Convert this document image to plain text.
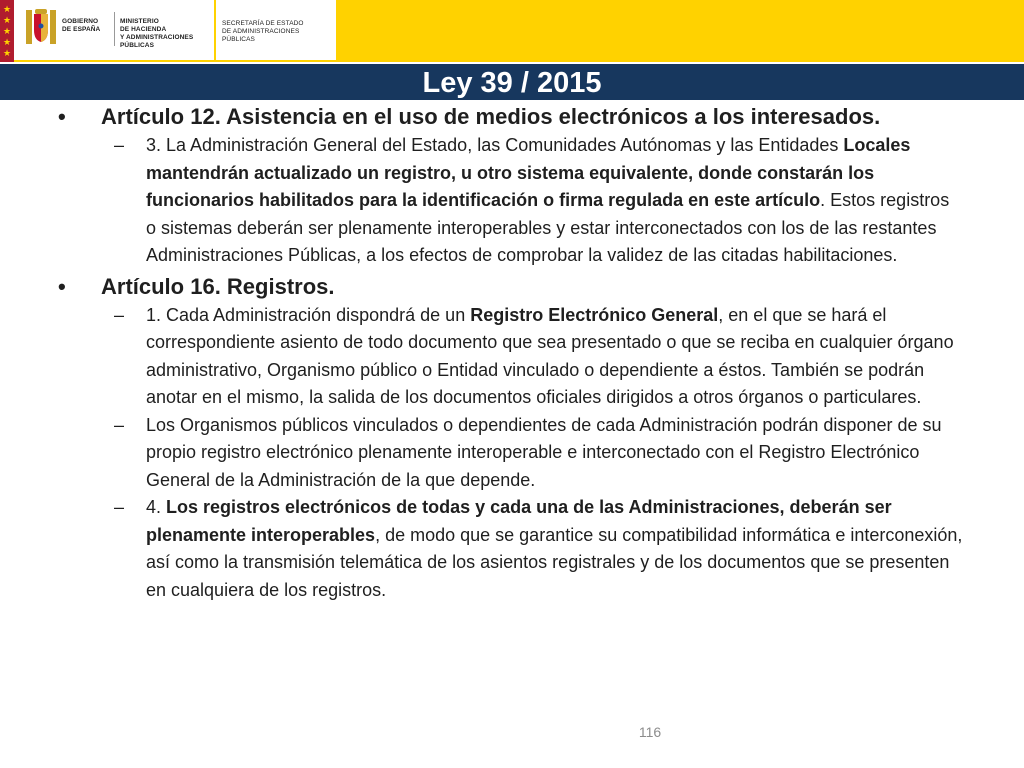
★
★
★
★
★
GOBIERNO
DE ESPAÑA
MINISTERIO
DE HACIENDA
Y ADMINISTRACIONES PÚBLICAS
SECRETARÍA DE ESTADO
DE ADMINISTRACIONES PÚBLICAS
Ley 39 / 2015
• Artículo 12. Asistencia en el uso de medios electrónicos a los interesados.
– 3. La Administración General del Estado, las Comunidades Autónomas y las Entidades Locales mantendrán actualizado un registro, u otro sistema equivalente, donde constarán los funcionarios habilitados para la identificación o firma regulada en este artículo. Estos registros o sistemas deberán ser plenamente interoperables y estar interconectados con los de las restantes Administraciones Públicas, a los efectos de comprobar la validez de las citadas habilitaciones.
• Artículo 16. Registros.
– 1. Cada Administración dispondrá de un Registro Electrónico General, en el que se hará el correspondiente asiento de todo documento que sea presentado o que se reciba en cualquier órgano administrativo, Organismo público o Entidad vinculado o dependiente a éstos. También se podrán anotar en el mismo, la salida de los documentos oficiales dirigidos a otros órganos o particulares.
– Los Organismos públicos vinculados o dependientes de cada Administración podrán disponer de su propio registro electrónico plenamente interoperable e interconectado con el Registro Electrónico General de la Administración de la que depende.
– 4. Los registros electrónicos de todas y cada una de las Administraciones, deberán ser plenamente interoperables, de modo que se garantice su compatibilidad informática e interconexión, así como la transmisión telemática de los asientos registrales y de los documentos que se presenten en cualquiera de los registros.
116
